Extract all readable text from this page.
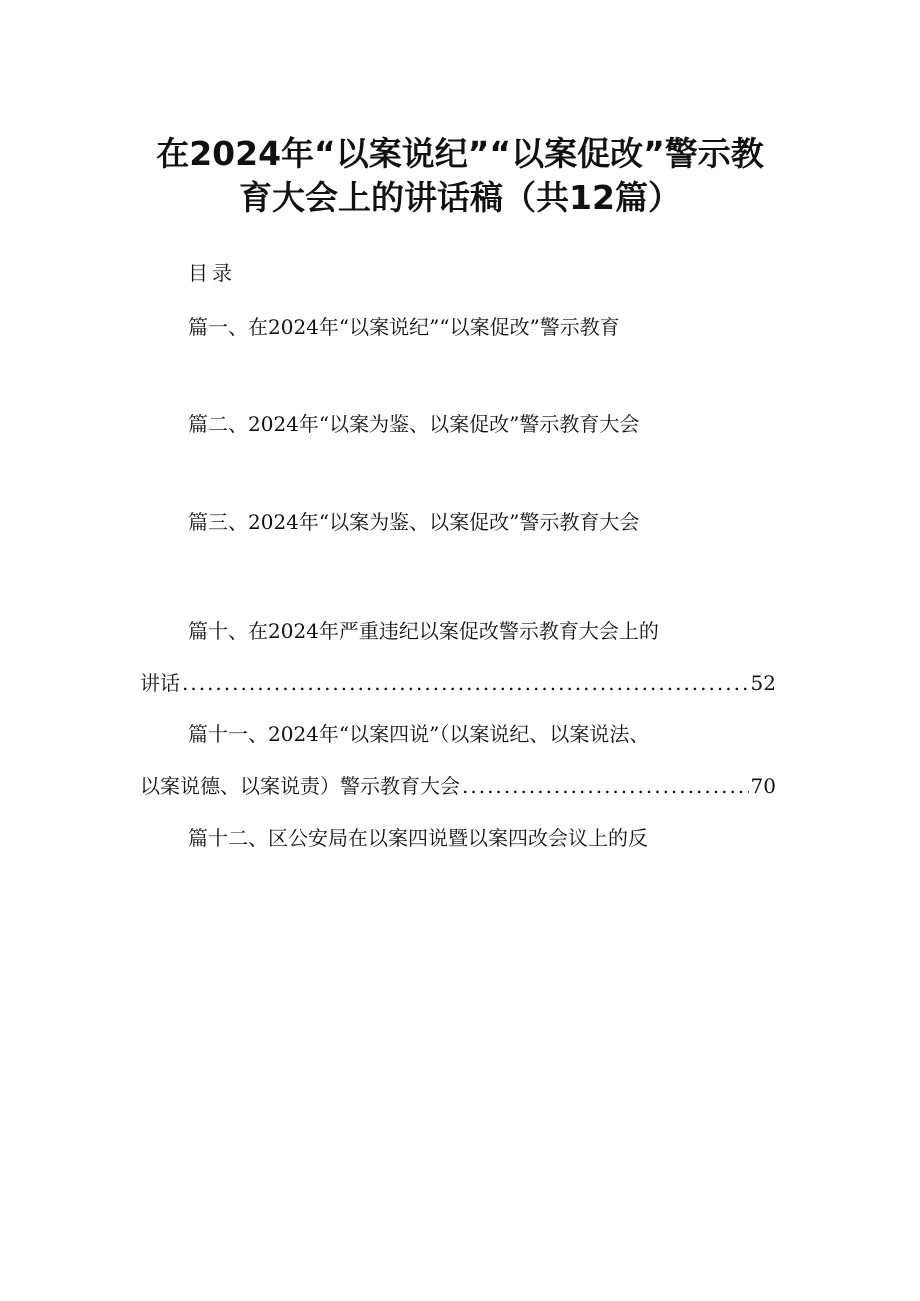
在2024年“以案说纪”“以案促改”警示教
育大会上的讲话稿（共12篇）
目录
篇一、在2024年“以案说纪”“以案促改”警示教育
篇二、2024年“以案为鉴、以案促改”警示教育大会
篇三、2024年“以案为鉴、以案促改”警示教育大会
篇十、在2024年严重违纪以案促改警示教育大会上的
讲话 .....	52
篇十一、2024年“以案四说”（以案说纪、以案说法、
以案说德、以案说责）警示教育大会 .....	70
篇十二、区公安局在以案四说暨以案四改会议上的反
